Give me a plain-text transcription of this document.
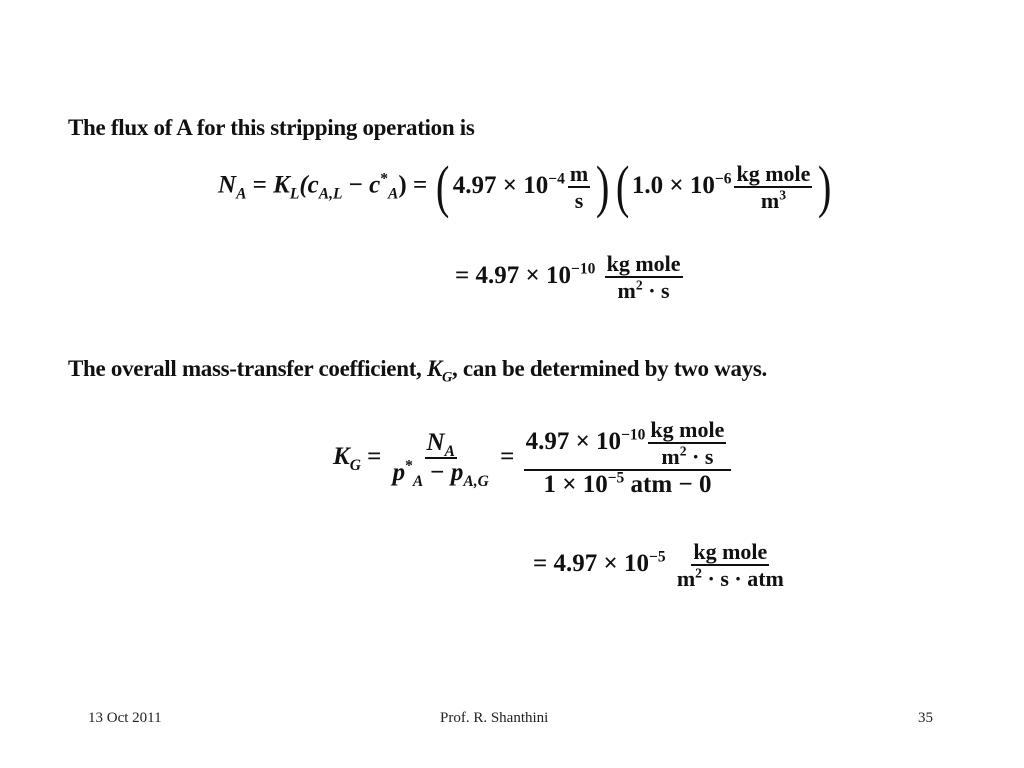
The flux of A for this stripping operation is
$N_A = K_L(c_{A,L} - c^*_A)$ = ( $4.97 \times 10^{-4} \frac{m}{s}$ )( $1.0 \times 10^{-6} \frac{\text{kg mole}}{m^3}$ )
= $4.97 \times 10^{-10} \frac{\text{kg mole}}{m^2 \cdot s}$
The overall mass-transfer coefficient, $K_G$, can be determined by two ways.
$K_G = \frac{N_A}{p^*_A - p_{A,G}} = \frac{4.97 \times 10^{-10} \frac{\text{kg mole}}{m^2 \cdot s}}{1 \times 10^{-5} atm - 0}$
= $4.97 \times 10^{-5} \frac{\text{kg mole}}{m^2 \cdot s \cdot atm}$
13 Oct 2011	Prof. R. Shanthini	35
